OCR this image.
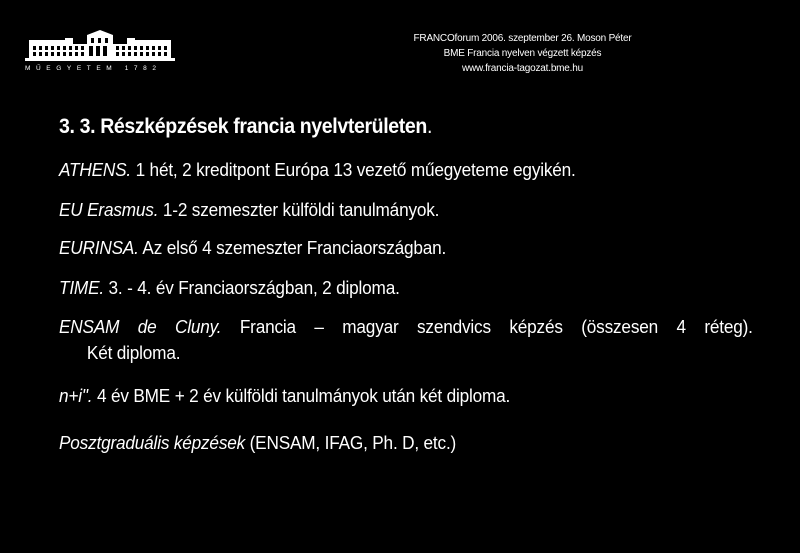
MŰEGYETEM 1782
FRANCOforum 2006. szeptember 26. Moson Péter
BME Francia nyelven végzett képzés
www.francia-tagozat.bme.hu
3. 3. Részképzések francia nyelvterületen.
ATHENS. 1 hét, 2 kreditpont Európa 13 vezető műegyeteme egyikén.
EU Erasmus. 1-2 szemeszter külföldi tanulmányok.
EURINSA. Az első 4 szemeszter Franciaországban.
TIME. 3. - 4. év Franciaországban, 2 diploma.
ENSAM de Cluny. Francia – magyar szendvics képzés (összesen 4 réteg).
Két diploma.
n+i". 4 év BME + 2 év külföldi tanulmányok után két diploma.
Posztgraduális képzések (ENSAM, IFAG, Ph. D, etc.)
